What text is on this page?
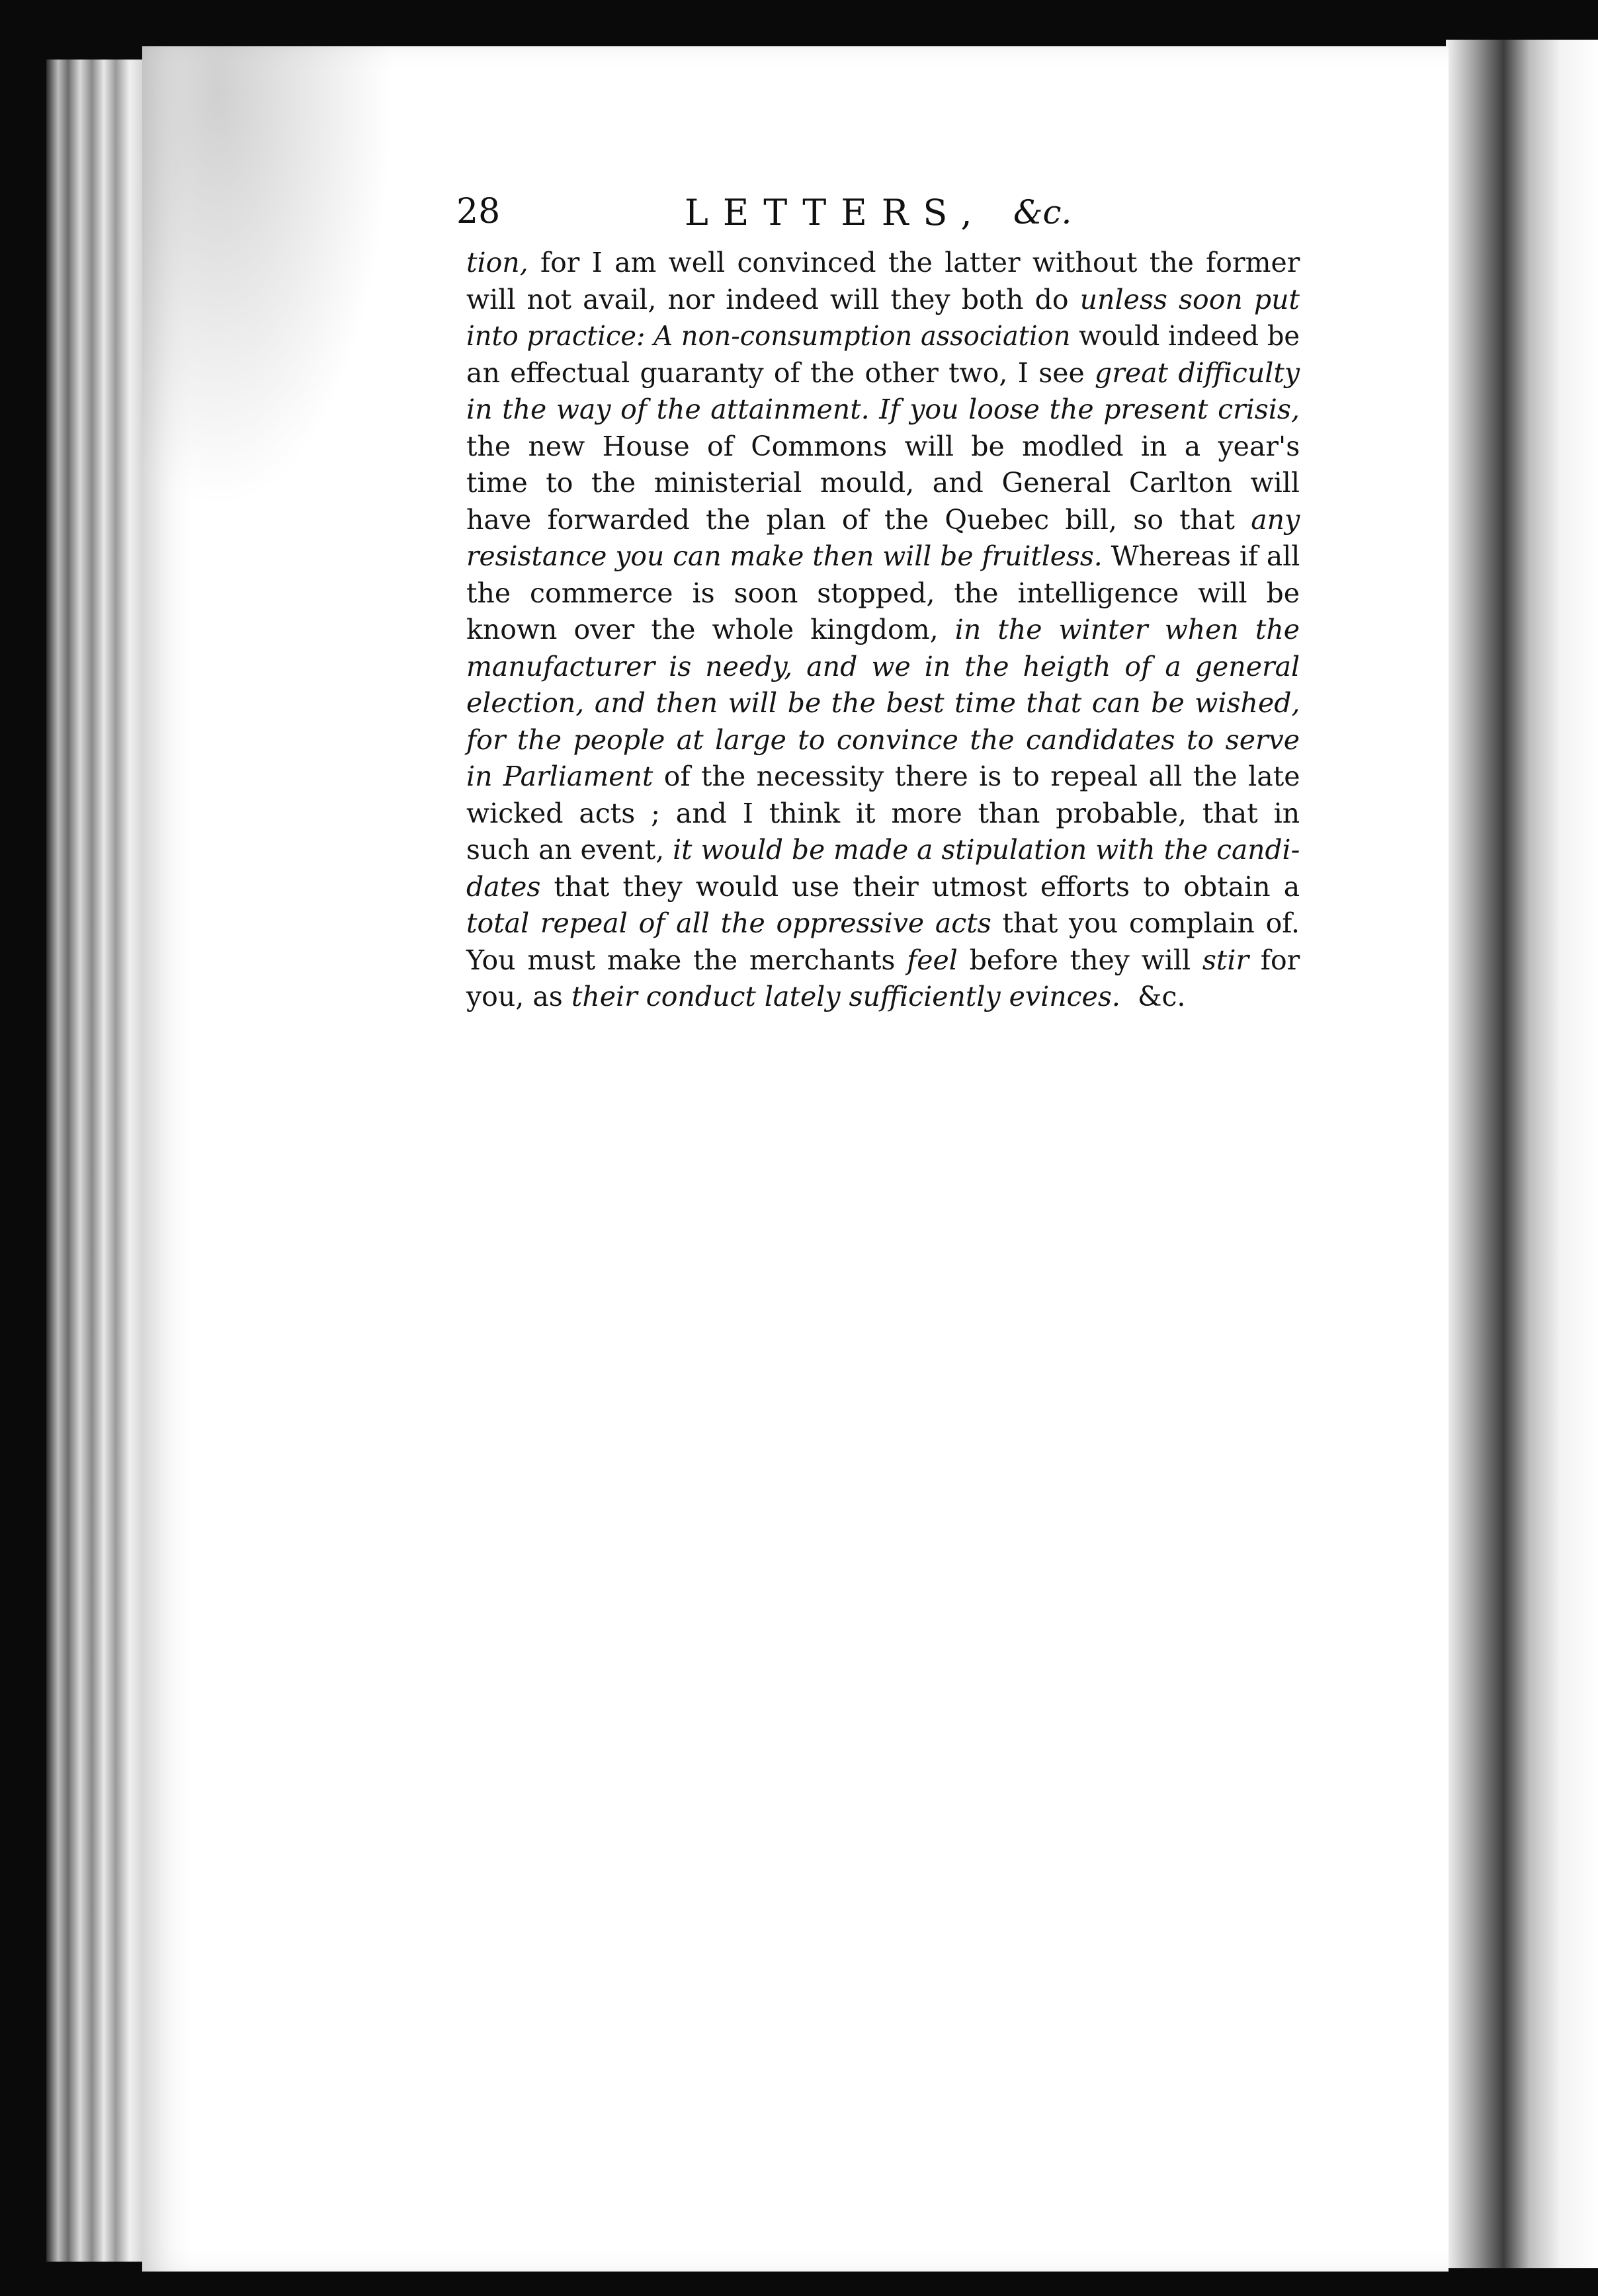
28	LETTERS, &c.
tion, for I am well convinced the latter without the former
will not avail, nor indeed will they both do unless soon put
into practice: A non-consumption association would indeed be
an effectual guaranty of the other two, I see great difficulty
in the way of the attainment. If you loose the present crisis,
the new House of Commons will be modled in a year's
time to the ministerial mould, and General Carlton will
have forwarded the plan of the Quebec bill, so that any
resistance you can make then will be fruitless. Whereas if all
the commerce is soon stopped, the intelligence will be
known over the whole kingdom, in the winter when the
manufacturer is needy, and we in the heigth of a general
election, and then will be the best time that can be wished,
for the people at large to convince the candidates to serve
in Parliament of the necessity there is to repeal all the late
wicked acts ; and I think it more than probable, that in
such an event, it would be made a stipulation with the candi-
dates that they would use their utmost efforts to obtain a
total repeal of all the oppressive acts that you complain of.
You must make the merchants feel before they will stir for
you, as their conduct lately sufficiently evinces.  &c.
